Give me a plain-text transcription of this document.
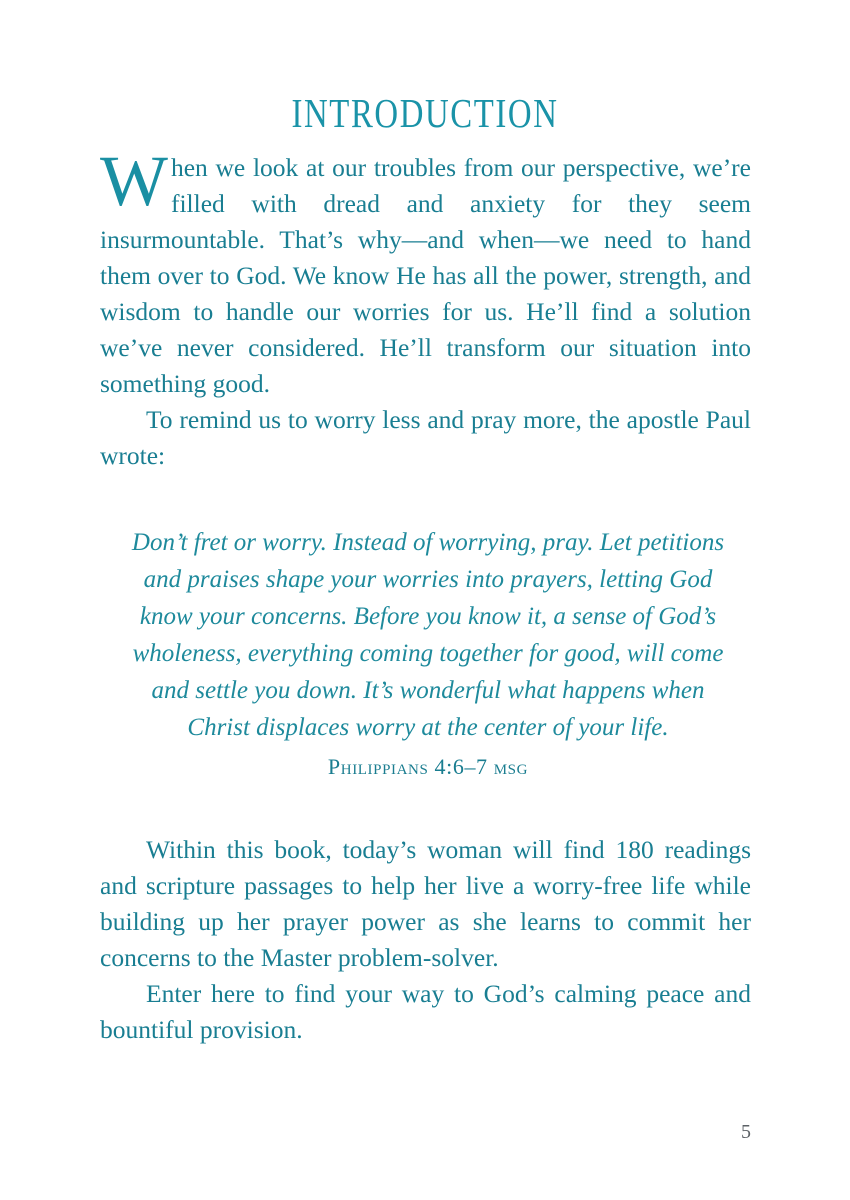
INTRODUCTION

When we look at our troubles from our perspective, we’re filled with dread and anxiety for they seem insurmountable. That’s why—and when—we need to hand them over to God. We know He has all the power, strength, and wisdom to handle our worries for us. He’ll find a solution we’ve never considered. He’ll transform our situation into something good.

To remind us to worry less and pray more, the apostle Paul wrote:

Don’t fret or worry. Instead of worrying, pray. Let petitions and praises shape your worries into prayers, letting God know your concerns. Before you know it, a sense of God’s wholeness, everything coming together for good, will come and settle you down. It’s wonderful what happens when Christ displaces worry at the center of your life.

Philippians 4:6–7 msg

Within this book, today’s woman will find 180 readings and scripture passages to help her live a worry-free life while building up her prayer power as she learns to commit her concerns to the Master problem-solver.

Enter here to find your way to God’s calming peace and bountiful provision.

5
